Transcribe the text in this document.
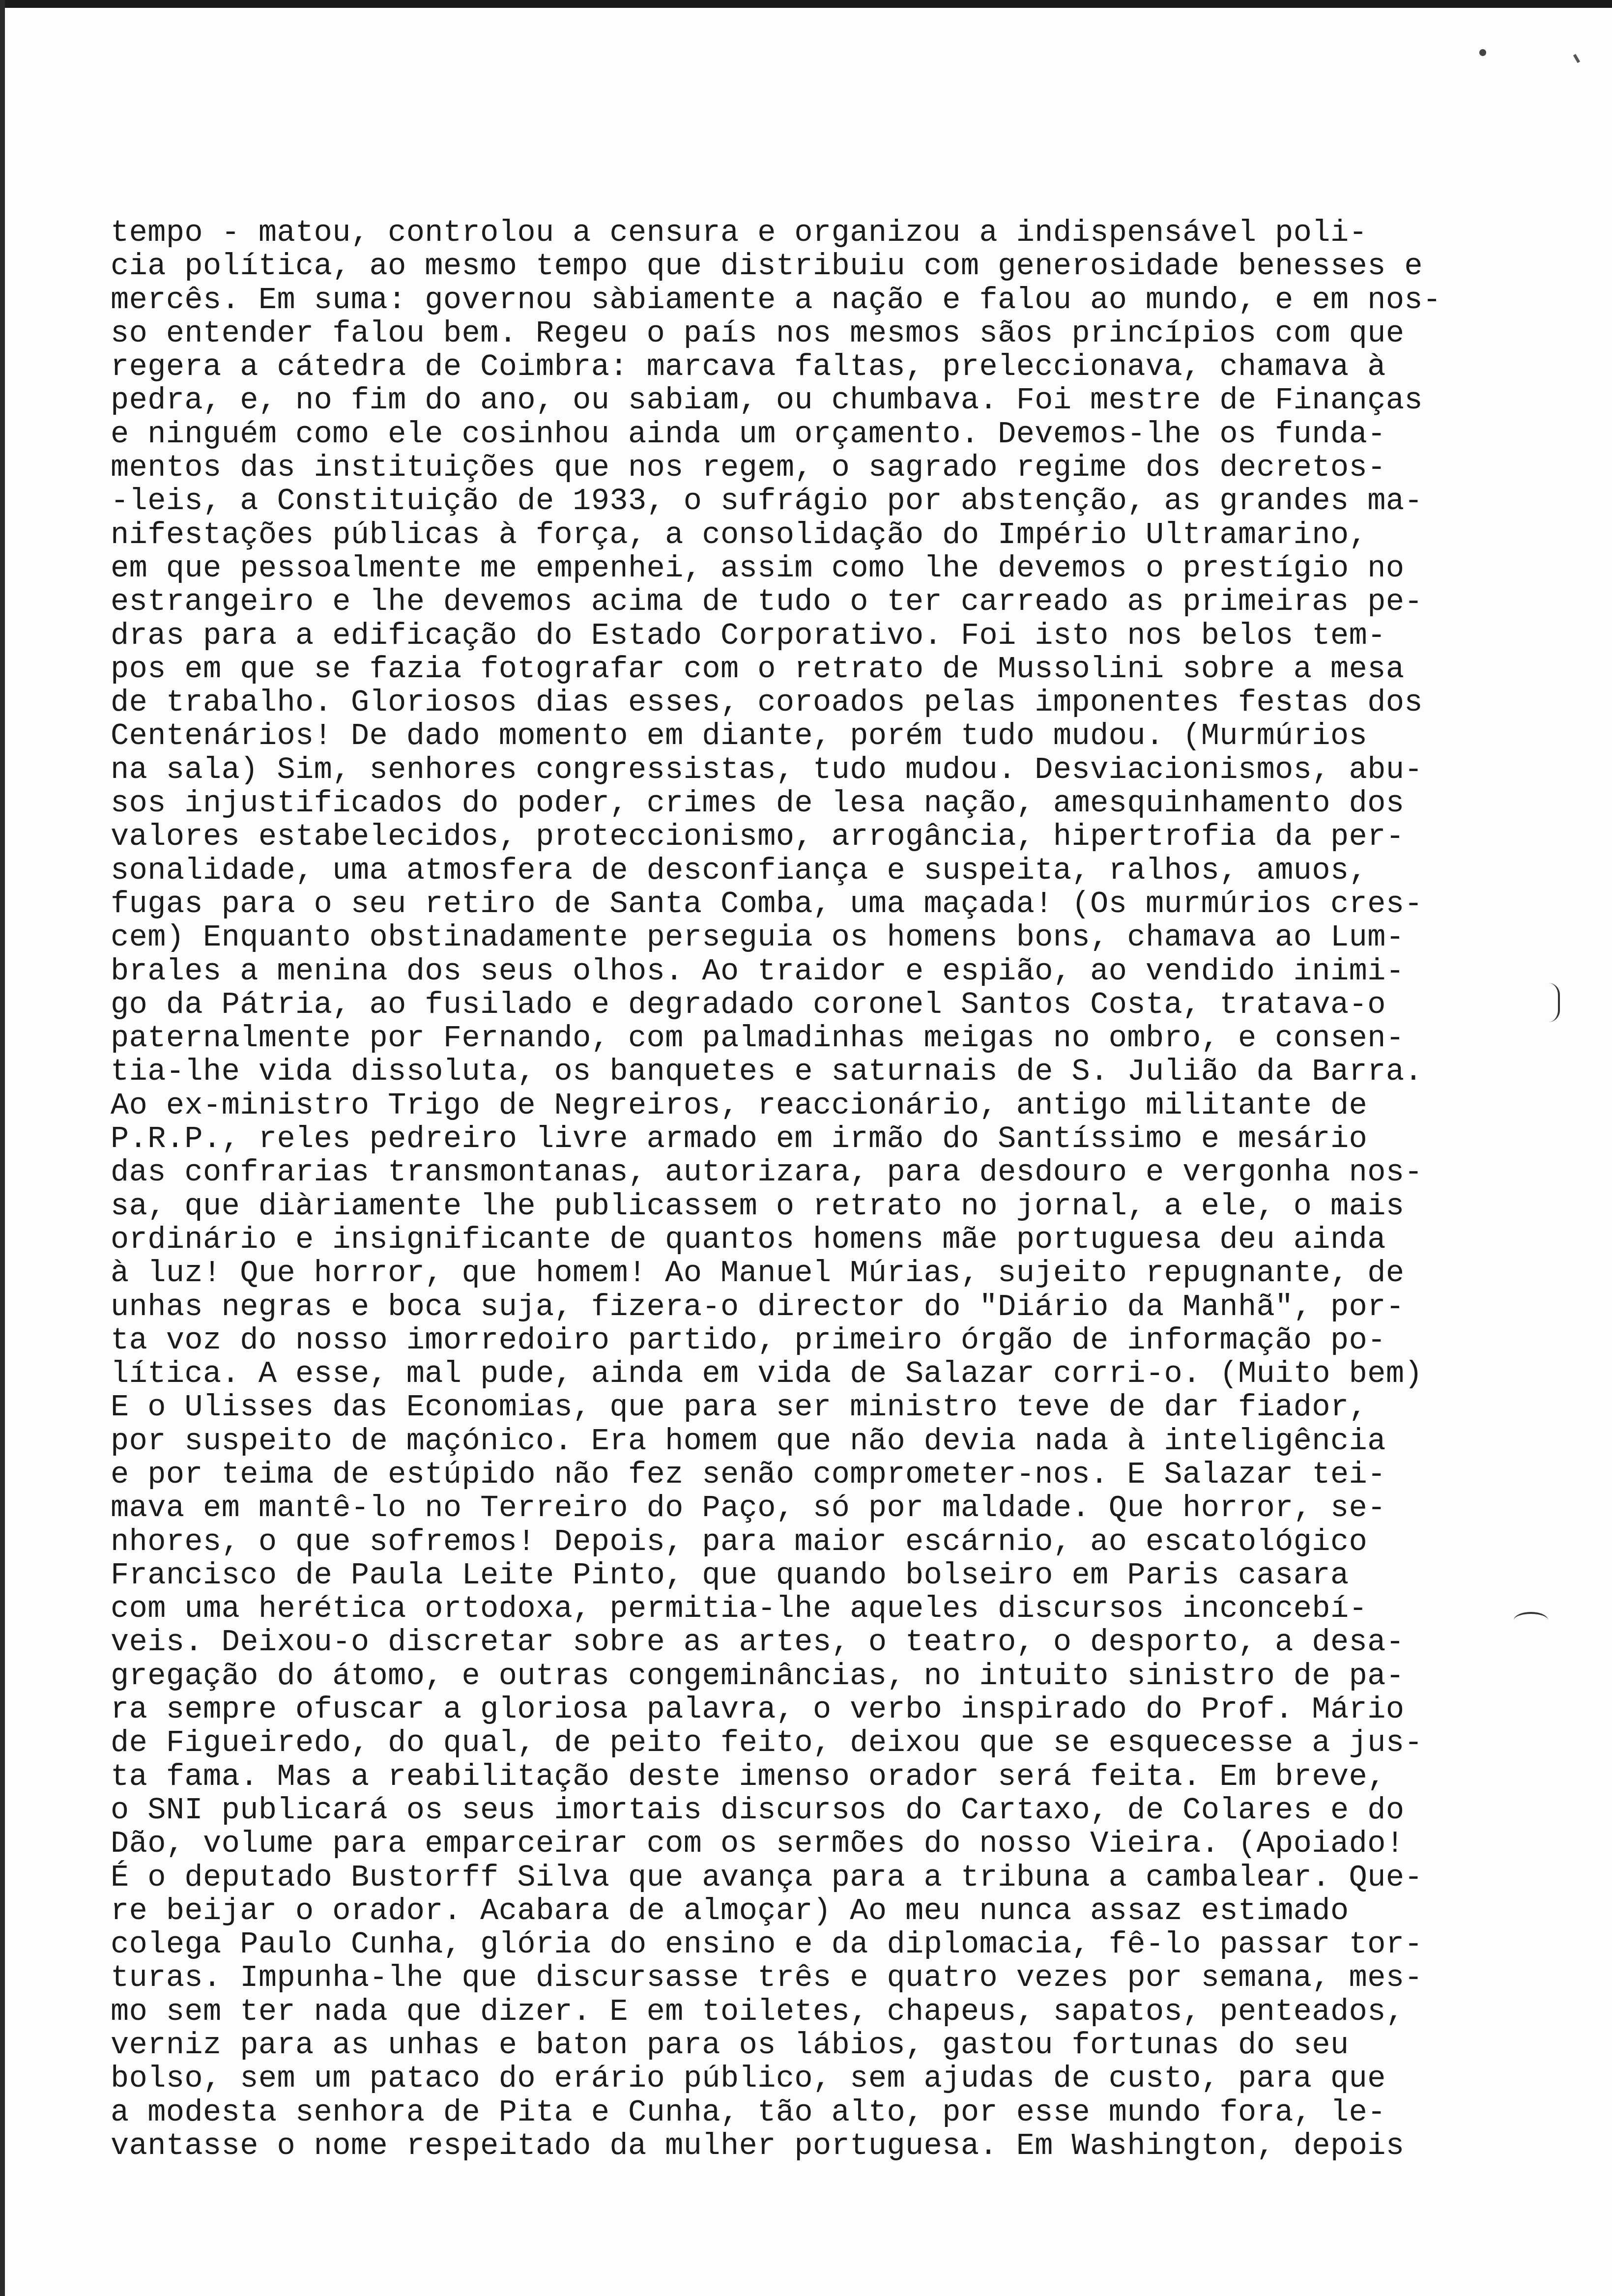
tempo - matou, controlou a censura e organizou a indispensável poli-
cia política, ao mesmo tempo que distribuiu com generosidade benesses e
mercês. Em suma: governou sàbiamente a nação e falou ao mundo, e em nos-
so entender falou bem. Regeu o país nos mesmos sãos princípios com que
regera a cátedra de Coimbra: marcava faltas, preleccionava, chamava à
pedra, e, no fim do ano, ou sabiam, ou chumbava. Foi mestre de Finanças
e ninguém como ele cosinhou ainda um orçamento. Devemos-lhe os funda-
mentos das instituições que nos regem, o sagrado regime dos decretos-
-leis, a Constituição de 1933, o sufrágio por abstenção, as grandes ma-
nifestações públicas à força, a consolidação do Império Ultramarino,
em que pessoalmente me empenhei, assim como lhe devemos o prestígio no
estrangeiro e lhe devemos acima de tudo o ter carreado as primeiras pe-
dras para a edificação do Estado Corporativo. Foi isto nos belos tem-
pos em que se fazia fotografar com o retrato de Mussolini sobre a mesa
de trabalho. Gloriosos dias esses, coroados pelas imponentes festas dos
Centenários! De dado momento em diante, porém tudo mudou. (Murmúrios
na sala) Sim, senhores congressistas, tudo mudou. Desviacionismos, abu-
sos injustificados do poder, crimes de lesa nação, amesquinhamento dos
valores estabelecidos, proteccionismo, arrogância, hipertrofia da per-
sonalidade, uma atmosfera de desconfiança e suspeita, ralhos, amuos,
fugas para o seu retiro de Santa Comba, uma maçada! (Os murmúrios cres-
cem) Enquanto obstinadamente perseguia os homens bons, chamava ao Lum-
brales a menina dos seus olhos. Ao traidor e espião, ao vendido inimi-
go da Pátria, ao fusilado e degradado coronel Santos Costa, tratava-o
paternalmente por Fernando, com palmadinhas meigas no ombro, e consen-
tia-lhe vida dissoluta, os banquetes e saturnais de S. Julião da Barra.
Ao ex-ministro Trigo de Negreiros, reaccionário, antigo militante de
P.R.P., reles pedreiro livre armado em irmão do Santíssimo e mesário
das confrarias transmontanas, autorizara, para desdouro e vergonha nos-
sa, que diàriamente lhe publicassem o retrato no jornal, a ele, o mais
ordinário e insignificante de quantos homens mãe portuguesa deu ainda
à luz! Que horror, que homem! Ao Manuel Múrias, sujeito repugnante, de
unhas negras e boca suja, fizera-o director do "Diário da Manhã", por-
ta voz do nosso imorredoiro partido, primeiro órgão de informação po-
lítica. A esse, mal pude, ainda em vida de Salazar corri-o. (Muito bem)
E o Ulisses das Economias, que para ser ministro teve de dar fiador,
por suspeito de maçónico. Era homem que não devia nada à inteligência
e por teima de estúpido não fez senão comprometer-nos. E Salazar tei-
mava em mantê-lo no Terreiro do Paço, só por maldade. Que horror, se-
nhores, o que sofremos! Depois, para maior escárnio, ao escatológico
Francisco de Paula Leite Pinto, que quando bolseiro em Paris casara
com uma herética ortodoxa, permitia-lhe aqueles discursos inconcebí-
veis. Deixou-o discretar sobre as artes, o teatro, o desporto, a desa-
gregação do átomo, e outras congeminâncias, no intuito sinistro de pa-
ra sempre ofuscar a gloriosa palavra, o verbo inspirado do Prof. Mário
de Figueiredo, do qual, de peito feito, deixou que se esquecesse a jus-
ta fama. Mas a reabilitação deste imenso orador será feita. Em breve,
o SNI publicará os seus imortais discursos do Cartaxo, de Colares e do
Dão, volume para emparceirar com os sermões do nosso Vieira. (Apoiado!
É o deputado Bustorff Silva que avança para a tribuna a cambalear. Que-
re beijar o orador. Acabara de almoçar) Ao meu nunca assaz estimado
colega Paulo Cunha, glória do ensino e da diplomacia, fê-lo passar tor-
turas. Impunha-lhe que discursasse três e quatro vezes por semana, mes-
mo sem ter nada que dizer. E em toiletes, chapeus, sapatos, penteados,
verniz para as unhas e baton para os lábios, gastou fortunas do seu
bolso, sem um pataco do erário público, sem ajudas de custo, para que
a modesta senhora de Pita e Cunha, tão alto, por esse mundo fora, le-
vantasse o nome respeitado da mulher portuguesa. Em Washington, depois
